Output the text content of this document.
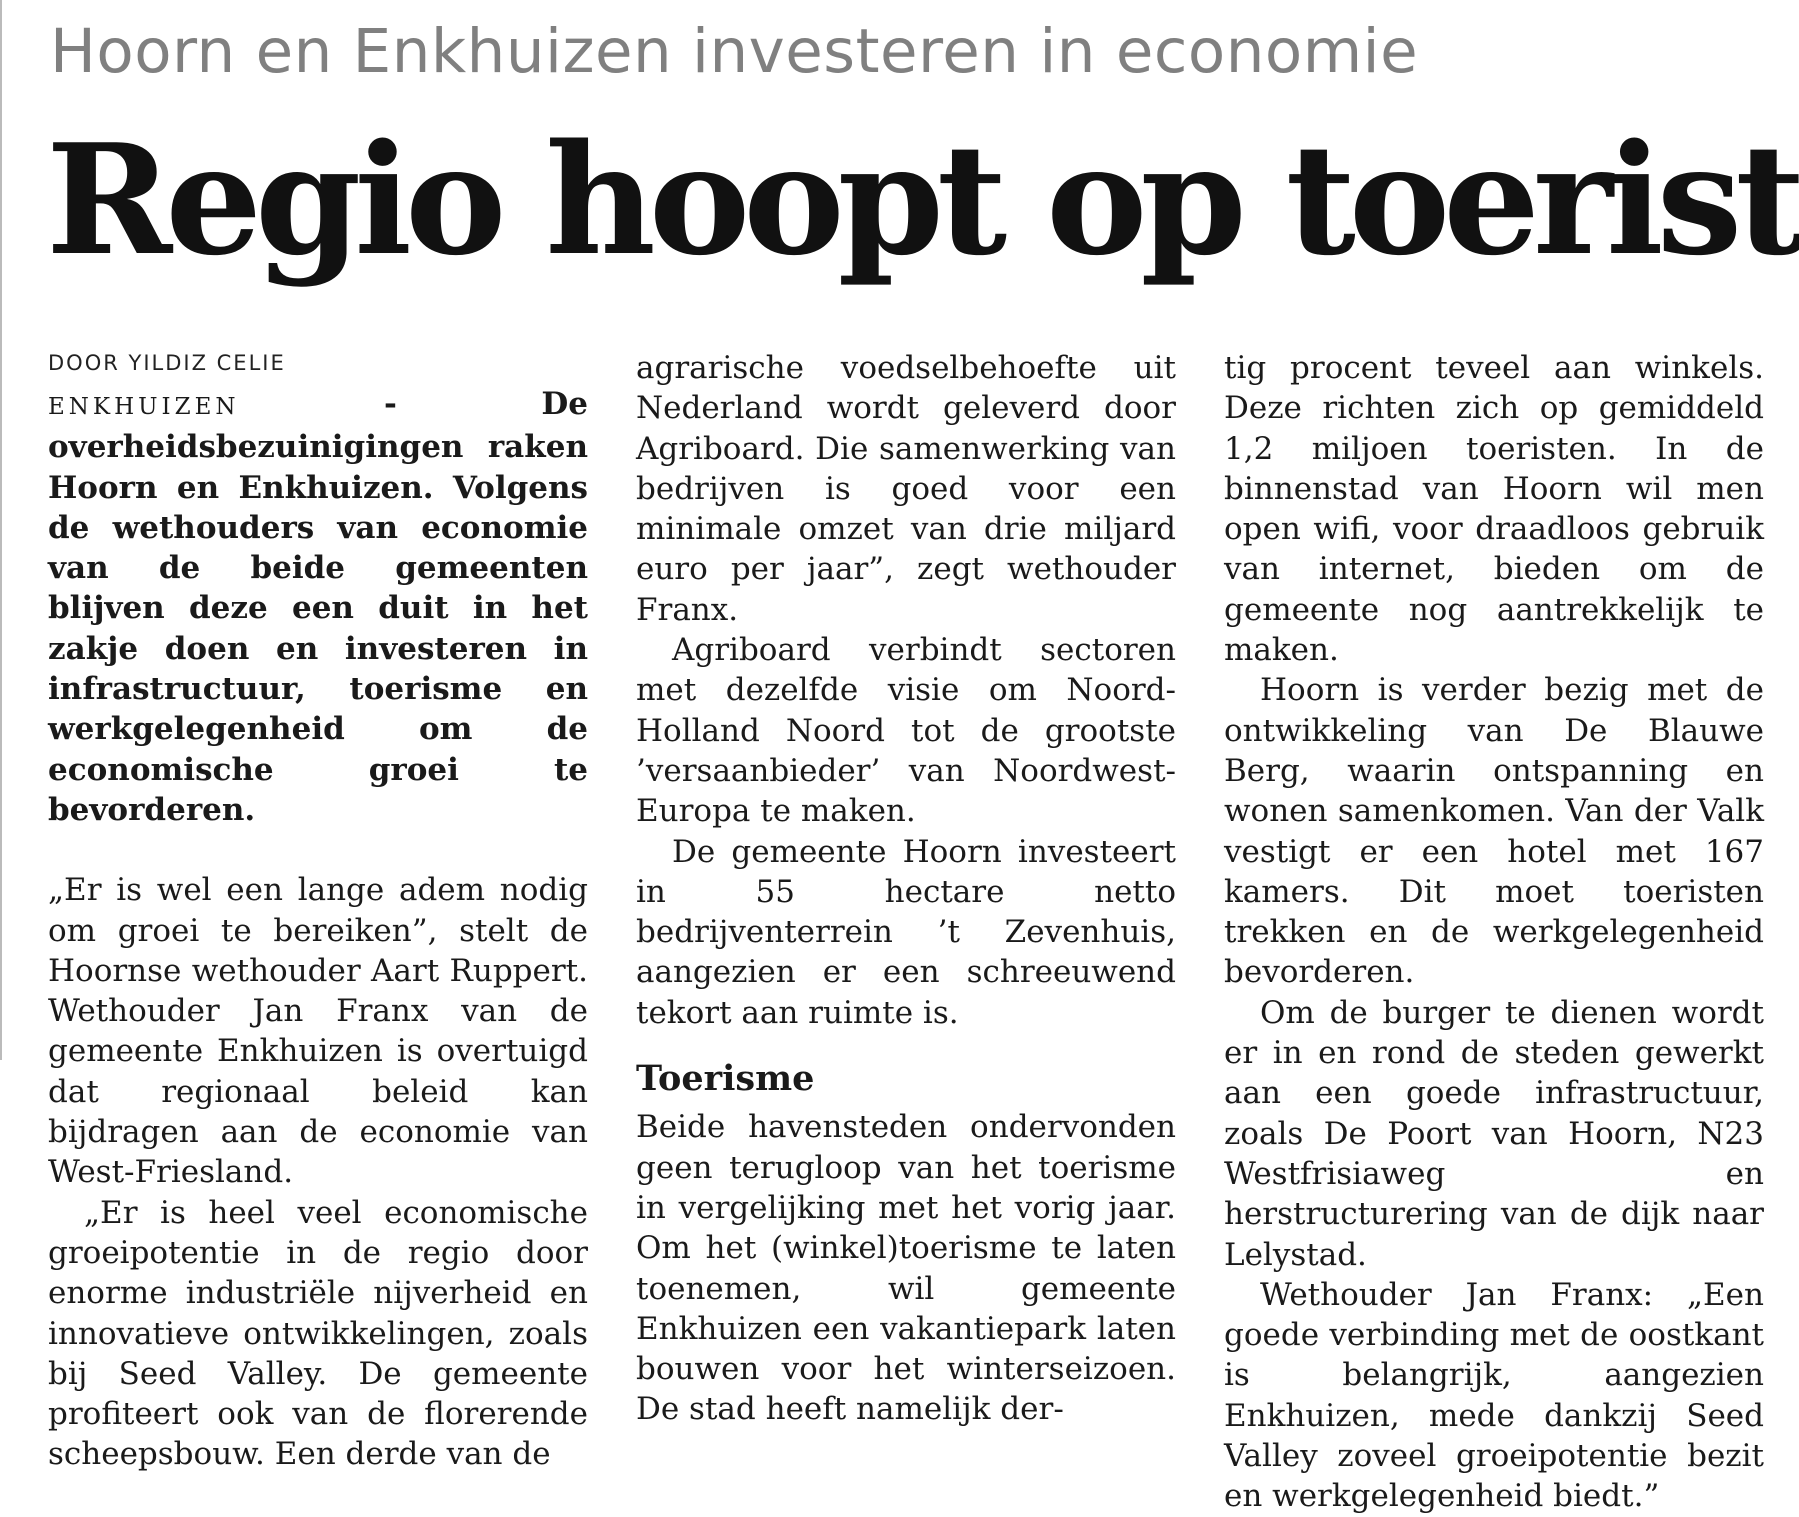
Hoorn en Enkhuizen investeren in economie
Regio hoopt op toerist

DOOR YILDIZ CELIE

ENKHUIZEN	- De overheidsbezuinigingen raken Hoorn en Enkhuizen. Volgens de wethouders van economie van de beide gemeenten blijven deze een duit in het zakje doen en investeren in infrastructuur, toerisme en werkgelegenheid om de economische groei te bevorderen.

„Er is wel een lange adem nodig om groei te bereiken”, stelt de Hoornse wethouder Aart Ruppert. Wethouder Jan Franx van de gemeente Enkhuizen is overtuigd dat regionaal beleid kan bijdragen aan de economie van West-Friesland.

„Er is heel veel economische groeipotentie in de regio door enorme industriële nijverheid en innovatieve ontwikkelingen, zoals bij Seed Valley. De gemeente profiteert ook van de florerende scheepsbouw. Een derde van de

agrarische voedselbehoefte uit Nederland wordt geleverd door Agriboard. Die samenwerking van bedrijven is goed voor een minimale omzet van drie miljard euro per jaar”, zegt wethouder Franx.

Agriboard verbindt sectoren met dezelfde visie om Noord-Holland Noord tot de grootste ’versaanbieder’ van Noordwest-Europa te maken.

De gemeente Hoorn investeert in 55 hectare netto bedrijventerrein ’t Zevenhuis, aangezien er een schreeuwend tekort aan ruimte is.

Toerisme

Beide havensteden ondervonden geen terugloop van het toerisme in vergelijking met het vorig jaar. Om het (winkel)toerisme te laten toenemen, wil gemeente Enkhuizen een vakantiepark laten bouwen voor het winterseizoen. De stad heeft namelijk der-

tig procent teveel aan winkels. Deze richten zich op gemiddeld 1,2 miljoen toeristen. In de binnenstad van Hoorn wil men open wifi, voor draadloos gebruik van internet, bieden om de gemeente nog aantrekkelijk te maken.

Hoorn is verder bezig met de ontwikkeling van De Blauwe Berg, waarin ontspanning en wonen samenkomen. Van der Valk vestigt er een hotel met 167 kamers. Dit moet toeristen trekken en de werkgelegenheid bevorderen.

Om de burger te dienen wordt er in en rond de steden gewerkt aan een goede infrastructuur, zoals De Poort van Hoorn, N23 Westfrisiaweg en herstructurering van de dijk naar Lelystad.

Wethouder Jan Franx: „Een goede verbinding met de oostkant is belangrijk, aangezien Enkhuizen, mede dankzij Seed Valley zoveel groeipotentie bezit en werkgelegenheid biedt.”
